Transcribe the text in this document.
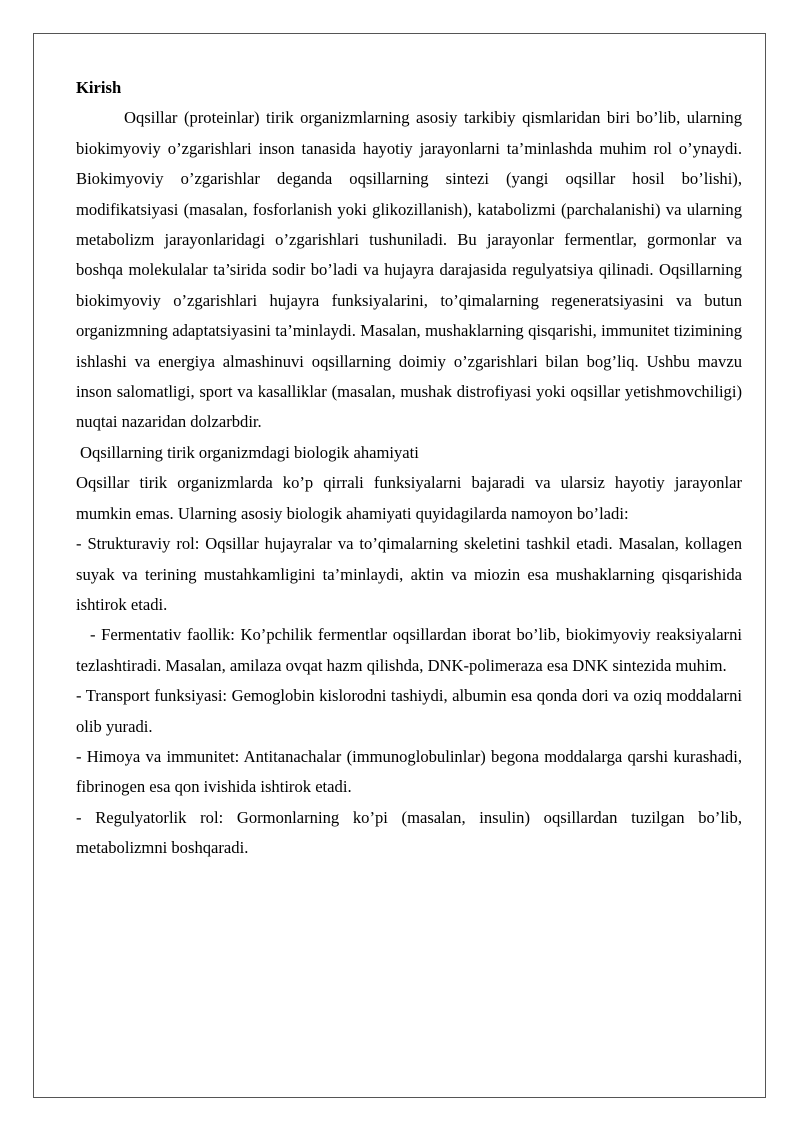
Kirish

Oqsillar (proteinlar) tirik organizmlarning asosiy tarkibiy qismlaridan biri bo’lib, ularning biokimyoviy o’zgarishlari inson tanasida hayotiy jarayonlarni ta’minlashda muhim rol o’ynaydi. Biokimyoviy o’zgarishlar deganda oqsillarning sintezi (yangi oqsillar hosil bo’lishi), modifikatsiyasi (masalan, fosforlanish yoki glikozillanish), katabolizmi (parchalanishi) va ularning metabolizm jarayonlaridagi o’zgarishlari tushuniladi. Bu jarayonlar fermentlar, gormonlar va boshqa molekulalar ta’sirida sodir bo’ladi va hujayra darajasida regulyatsiya qilinadi. Oqsillarning biokimyoviy o’zgarishlari hujayra funksiyalarini, to’qimalarning regeneratsiyasini va butun organizmning adaptatsiyasini ta’minlaydi. Masalan, mushaklarning qisqarishi, immunitet tizimining ishlashi va energiya almashinuvi oqsillarning doimiy o’zgarishlari bilan bog’liq. Ushbu mavzu inson salomatligi, sport va kasalliklar (masalan, mushak distrofiyasi yoki oqsillar yetishmovchiligi) nuqtai nazaridan dolzarbdir.

Oqsillarning tirik organizmdagi biologik ahamiyati

Oqsillar tirik organizmlarda ko’p qirrali funksiyalarni bajaradi va ularsiz hayotiy jarayonlar mumkin emas. Ularning asosiy biologik ahamiyati quyidagilarda namoyon bo’ladi:

- Strukturaviy rol: Oqsillar hujayralar va to’qimalarning skeletini tashkil etadi. Masalan, kollagen suyak va terining mustahkamligini ta’minlaydi, aktin va miozin esa mushaklarning qisqarishida ishtirok etadi.

- Fermentativ faollik: Ko’pchilik fermentlar oqsillardan iborat bo’lib, biokimyoviy reaksiyalarni tezlashtiradi. Masalan, amilaza ovqat hazm qilishda, DNK-polimeraza esa DNK sintezida muhim.

- Transport funksiyasi: Gemoglobin kislorodni tashiydi, albumin esa qonda dori va oziq moddalarni olib yuradi.

- Himoya va immunitet: Antitanachalar (immunoglobulinlar) begona moddalarga qarshi kurashadi, fibrinogen esa qon ivishida ishtirok etadi.

- Regulyatorlik rol: Gormonlarning ko’pi (masalan, insulin) oqsillardan tuzilgan bo’lib, metabolizmni boshqaradi.
